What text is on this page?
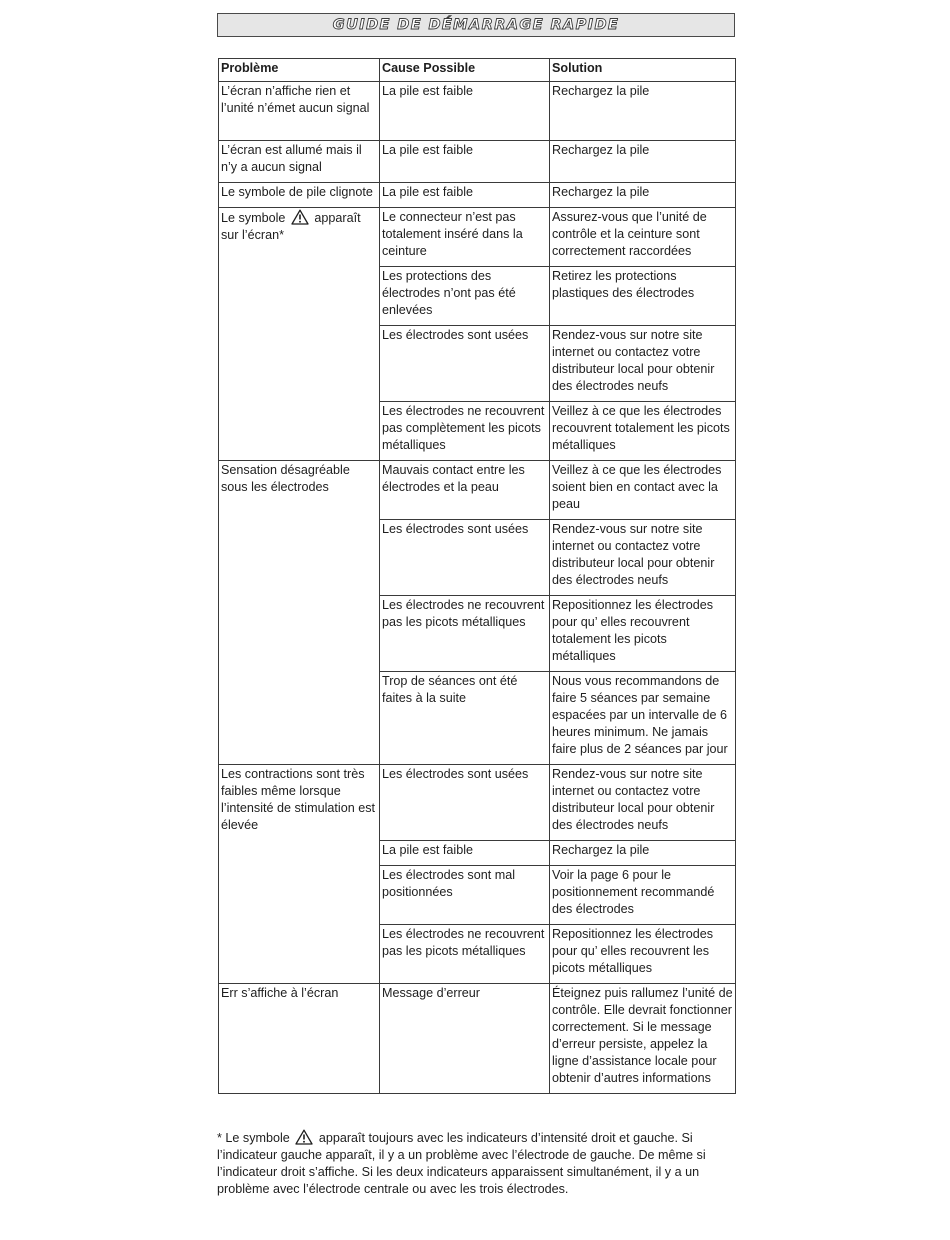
GUIDE DE DÉMARRAGE RAPIDE
Problème	Cause Possible	Solution
L’écran n’affiche rien et l’unité n’émet aucun signal	La pile est faible	Rechargez la pile
L’écran est allumé mais il n’y a aucun signal	La pile est faible	Rechargez la pile
Le symbole de pile clignote	La pile est faible	Rechargez la pile
Le symbole apparaît sur l’écran*	Le connecteur n’est pas totalement inséré dans la ceinture	Assurez-vous que l’unité de contrôle et la ceinture sont correctement raccordées
	Les protections des électrodes n’ont pas été enlevées	Retirez les protections plastiques des électrodes
	Les électrodes sont usées	Rendez-vous sur notre site internet ou contactez votre distributeur local pour obtenir des électrodes neufs
	Les électrodes ne recouvrent pas complètement les picots métalliques	Veillez à ce que les électrodes recouvrent totalement les picots métalliques
Sensation désagréable sous les électrodes	Mauvais contact entre les électrodes et la peau	Veillez à ce que les électrodes soient bien en contact avec la peau
	Les électrodes sont usées	Rendez-vous sur notre site internet ou contactez votre distributeur local pour obtenir des électrodes neufs
	Les électrodes ne recouvrent pas les picots métalliques	Repositionnez les électrodes pour qu’ elles recouvrent totalement les picots métalliques
	Trop de séances ont été faites à la suite	Nous vous recommandons de faire 5 séances par semaine espacées par un intervalle de 6 heures minimum. Ne jamais faire plus de 2 séances par jour
Les contractions sont très faibles même lorsque l’intensité de stimulation est élevée	Les électrodes sont usées	Rendez-vous sur notre site internet ou contactez votre distributeur local pour obtenir des électrodes neufs
	La pile est faible	Rechargez la pile
	Les électrodes sont mal positionnées	Voir la page 6 pour le positionnement recommandé des électrodes
	Les électrodes ne recouvrent pas les picots métalliques	Repositionnez les électrodes pour qu’ elles recouvrent les picots métalliques
Err s’affiche à l’écran	Message d’erreur	Éteignez puis rallumez l’unité de contrôle. Elle devrait fonctionner correctement. Si le message d’erreur persiste, appelez la ligne d’assistance locale pour obtenir d’autres informations
* Le symbole apparaît toujours avec les indicateurs d’intensité droit et gauche. Si l’indicateur gauche apparaît, il y a un problème avec l’électrode de gauche. De même si l’indicateur droit s’affiche. Si les deux indicateurs apparaissent simultanément, il y a un problème avec l’électrode centrale ou avec les trois électrodes.
